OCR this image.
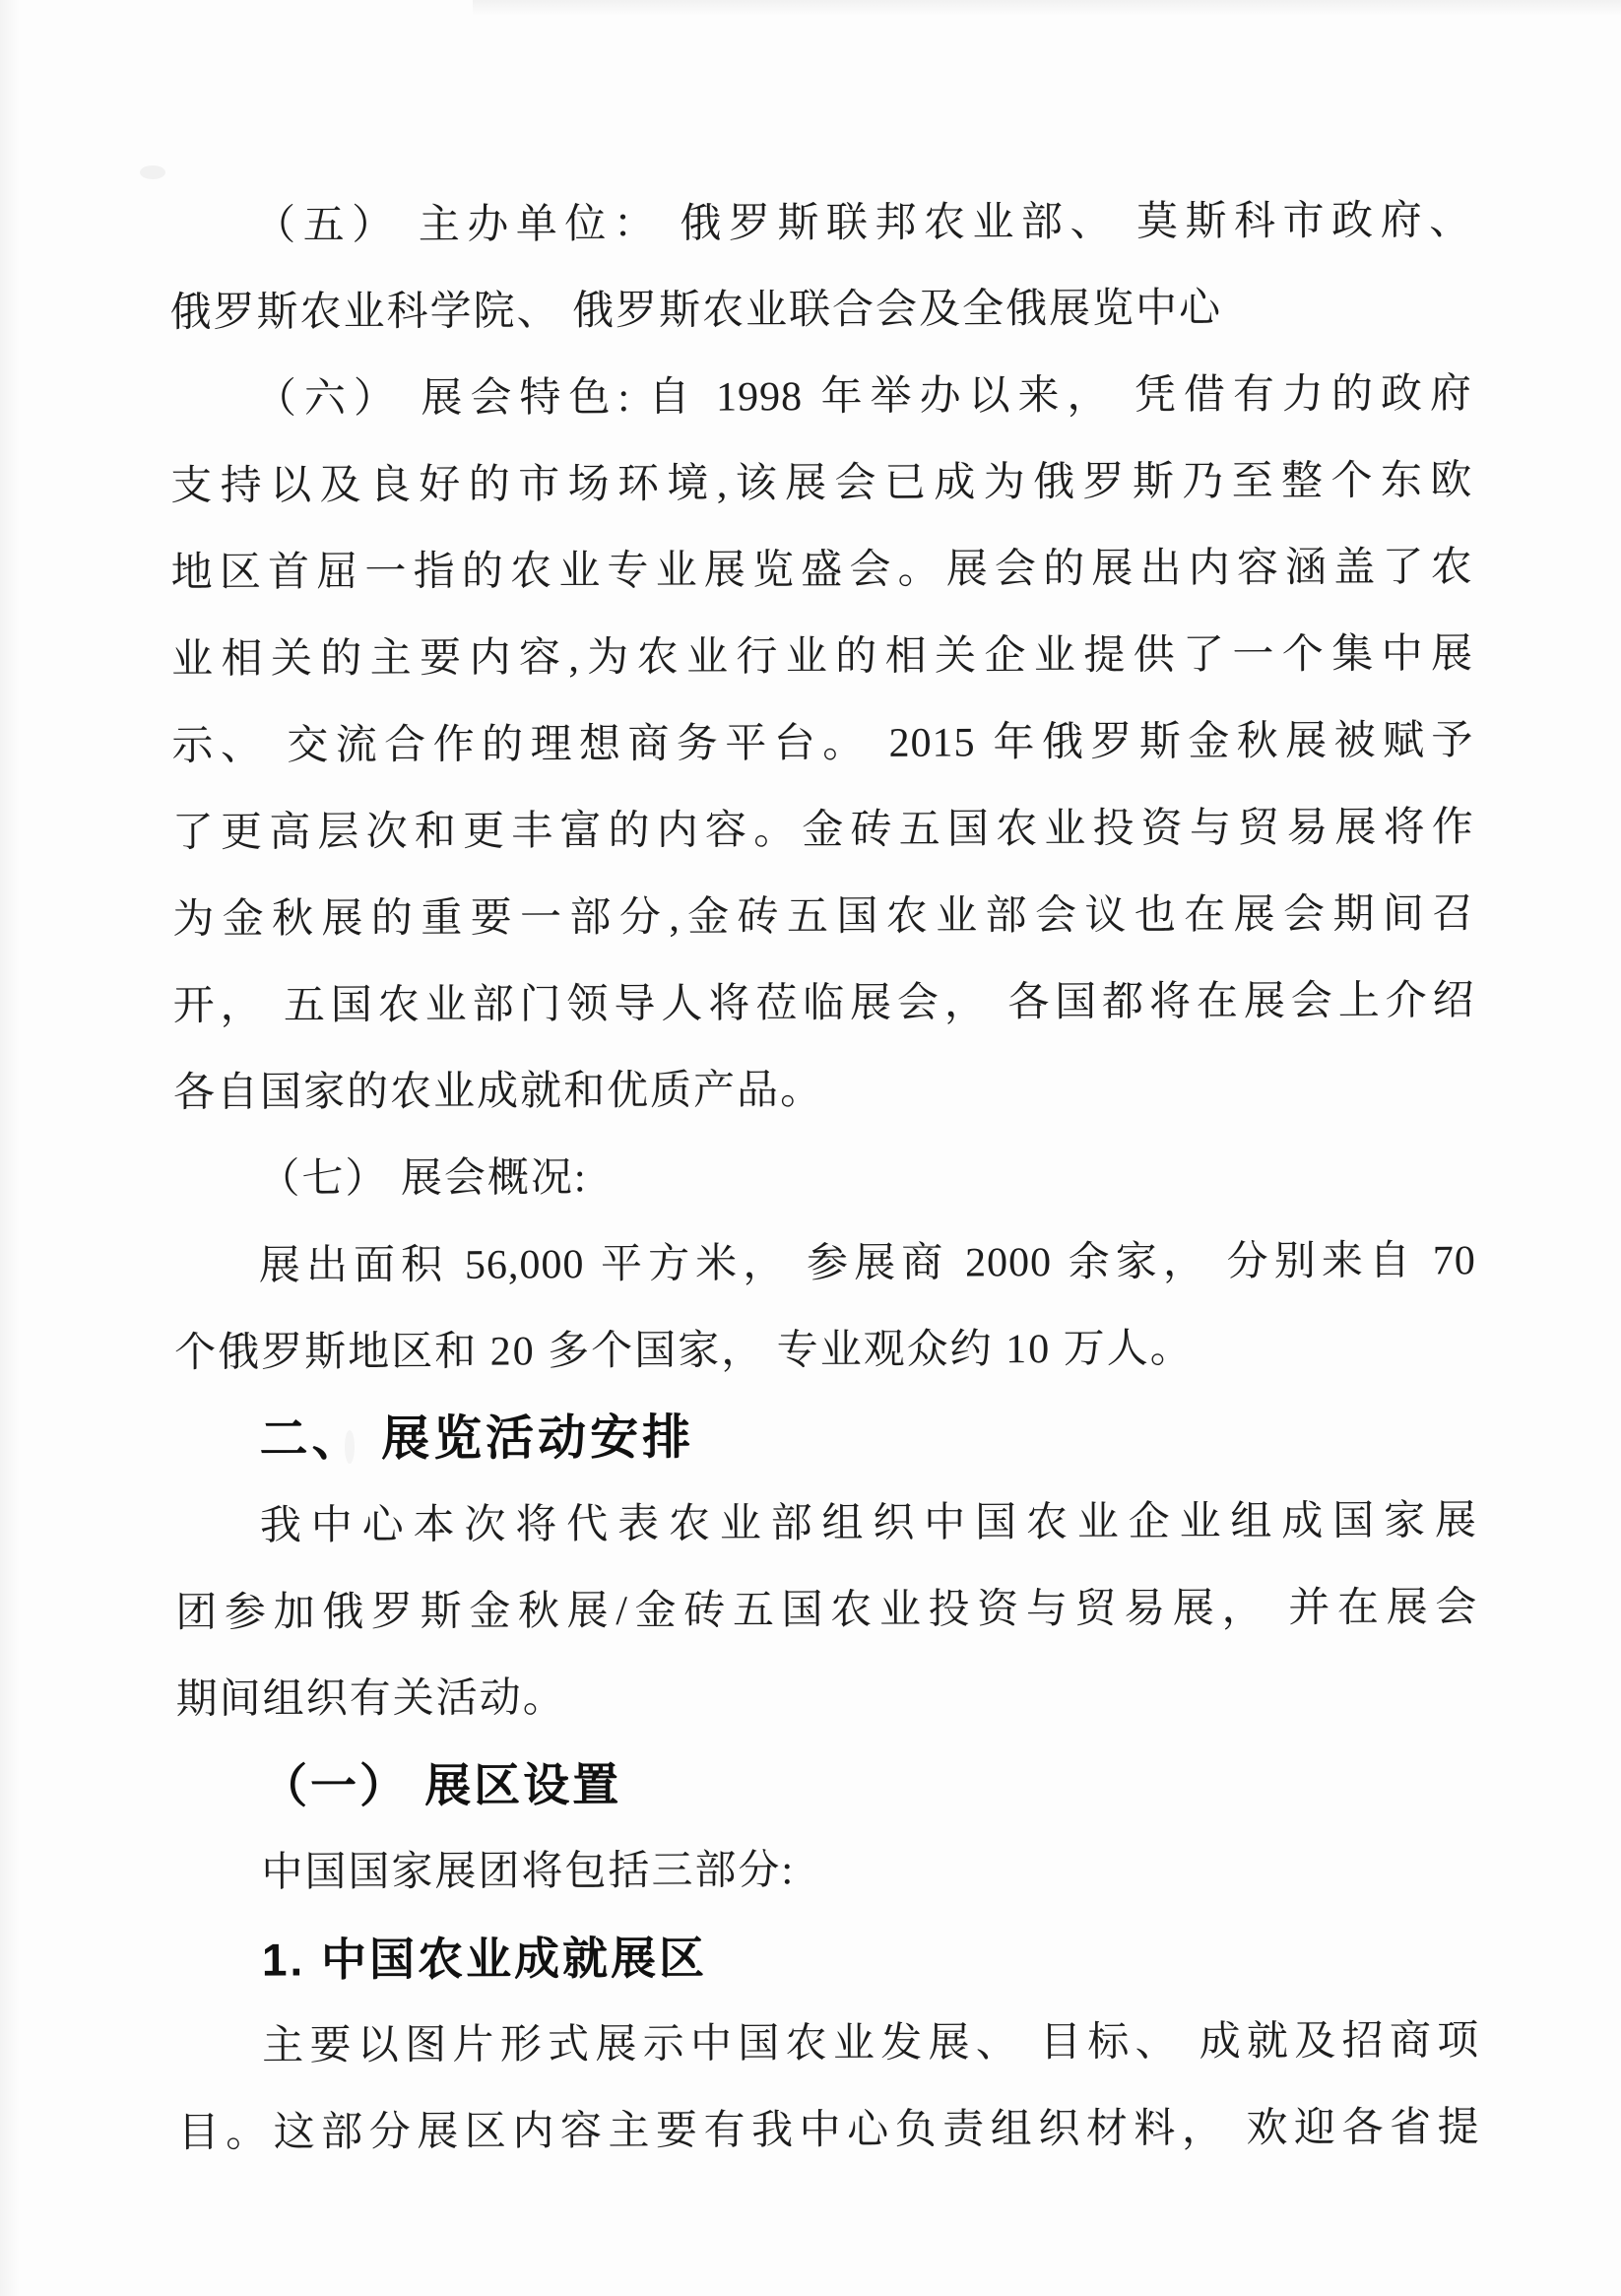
（五） 主办单位： 俄罗斯联邦农业部、 莫斯科市政府、
俄罗斯农业科学院、 俄罗斯农业联合会及全俄展览中心
（六） 展会特色: 自 1998 年举办以来， 凭借有力的政府
支持以及良好的市场环境,该展会已成为俄罗斯乃至整个东欧
地区首屈一指的农业专业展览盛会。展会的展出内容涵盖了农
业相关的主要内容,为农业行业的相关企业提供了一个集中展
示、 交流合作的理想商务平台。 2015 年俄罗斯金秋展被赋予
了更高层次和更丰富的内容。金砖五国农业投资与贸易展将作
为金秋展的重要一部分,金砖五国农业部会议也在展会期间召
开， 五国农业部门领导人将莅临展会， 各国都将在展会上介绍
各自国家的农业成就和优质产品。
（七） 展会概况:
展出面积 56,000 平方米， 参展商 2000 余家， 分别来自 70
个俄罗斯地区和 20 多个国家， 专业观众约 10 万人。
二、 展览活动安排
我中心本次将代表农业部组织中国农业企业组成国家展
团参加俄罗斯金秋展/金砖五国农业投资与贸易展， 并在展会
期间组织有关活动。
（一） 展区设置
中国国家展团将包括三部分:
1. 中国农业成就展区
主要以图片形式展示中国农业发展、 目标、 成就及招商项
目。这部分展区内容主要有我中心负责组织材料， 欢迎各省提
